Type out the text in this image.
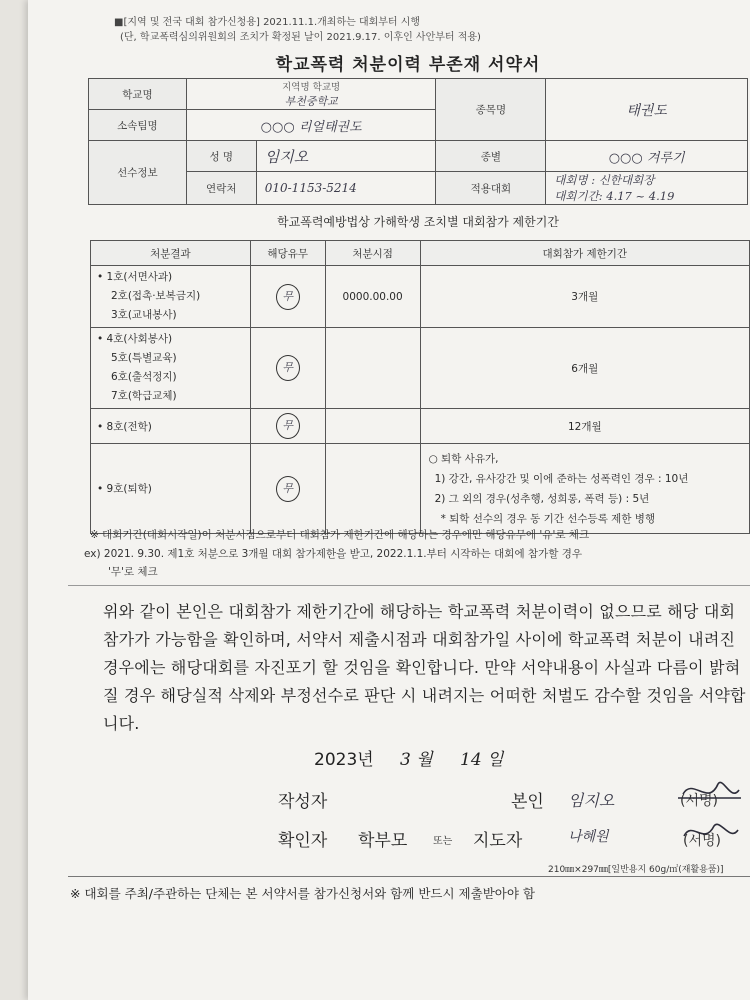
■[지역 및 전국 대회 참가신청용] 2021.11.1.개최하는 대회부터 시행
(단, 학교폭력심의위원회의 조치가 확정된 날이 2021.9.17. 이후인 사안부터 적용)
학교폭력 처분이력 부존재 서약서
학교명	지역명 학교명
부천중학교		종목명	태권도
소속팀명	○○○ 리얼태권도			
선수정보	성 명	임지오	종별	○○○ 겨루기
	연락처	010-1153-5214	적용대회	대회명 : 신한대회장
대회기간: 4.17 ~ 4.19
학교폭력예방법상 가해학생 조치별 대회참가 제한기간
처분결과	해당유무	처분시점	대회참가 제한기간

• 1호(서면사과)
2호(접촉·보복금지)
3호(교내봉사)	무	0000.00.00	3개월

• 4호(사회봉사)
5호(특별교육)
6호(출석정지)
7호(학급교체)	무		6개월

• 8호(전학)	무		12개월

• 9호(퇴학)	무		○ 퇴학 사유가,
1) 강간, 유사강간 및 이에 준하는 성폭력인 경우 : 10년
2) 그 외의 경우(성추행, 성희롱, 폭력 등) : 5년
* 퇴학 선수의 경우 동 기간 선수등록 제한 병행
※ 대회기간(대회시작일)이 처분시점으로부터 대회참가 제한기간에 해당하는 경우에만 해당유무에 '유'로 체크
ex) 2021. 9.30. 제1호 처분으로 3개월 대회 참가제한을 받고, 2022.1.1.부터 시작하는 대회에 참가할 경우
'무'로 체크
위와 같이 본인은 대회참가 제한기간에 해당하는 학교폭력 처분이력이 없으므로 해당 대회 참가가 가능함을 확인하며, 서약서 제출시점과 대회참가일 사이에 학교폭력 처분이 내려진 경우에는 해당대회를 자진포기 할 것임을 확인합니다. 만약 서약내용이 사실과 다름이 밝혀질 경우 해당실적 삭제와 부정선수로 판단 시 내려지는 어떠한 처벌도 감수할 것임을 서약합니다.
2023년 3 월 14 일
작성자	본인 임지오	(서명)
확인자 학부모	또는 지도자	나혜원	(서명)
210㎜×297㎜[일반용지 60g/㎡(재활용품)]
※ 대회를 주최/주관하는 단체는 본 서약서를 참가신청서와 함께 반드시 제출받아야 함
